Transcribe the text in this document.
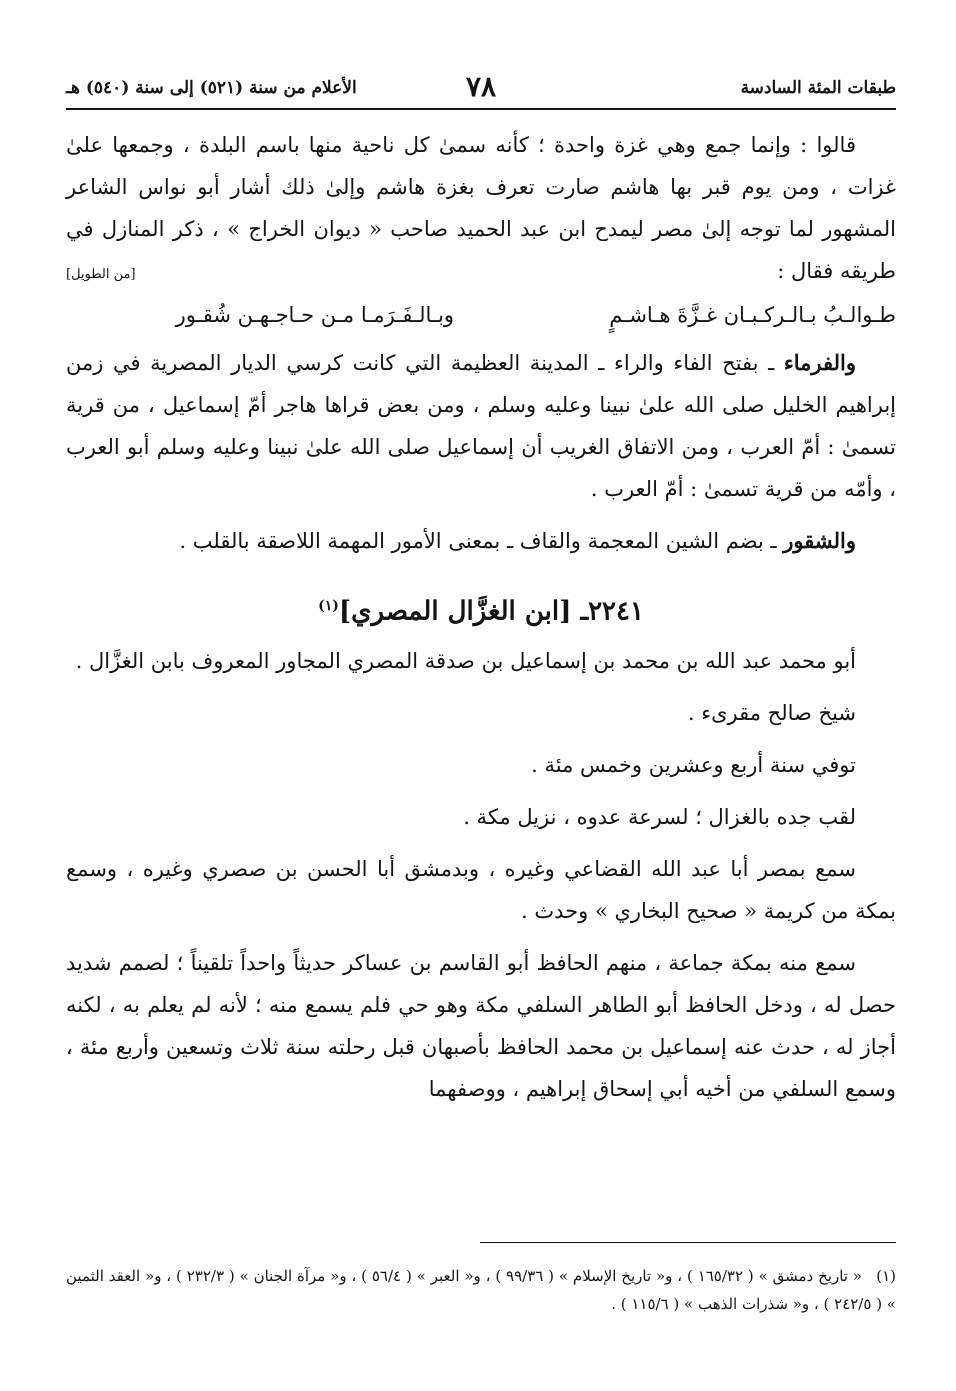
طبقات المئة السادسة
٧٨
الأعلام من سنة (٥٢١) إلى سنة (٥٤٠) هـ

قالوا : وإنما جمع وهي غزة واحدة ؛ كأنه سمىٰ كل ناحية منها باسم البلدة ، وجمعها علىٰ غزات ، ومن يوم قبر بها هاشم صارت تعرف بغزة هاشم وإلىٰ ذلك أشار أبو نواس الشاعر المشهور لما توجه إلىٰ مصر ليمدح ابن عبد الحميد صاحب « ديوان الخراج » ، ذكر المنازل في طريقه فقال :
[من الطويل]

طـوالـبُ بـالـركـبـان غـزَّةَ هـاشـمٍ
وبـالـفَـرَمـا مـن حـاجـهـن شُقـور

والفرماء ـ بفتح الفاء والراء ـ المدينة العظيمة التي كانت كرسي الديار المصرية في زمن إبراهيم الخليل صلى الله علىٰ نبينا وعليه وسلم ، ومن بعض قراها هاجر أمّ إسماعيل ، من قرية تسمىٰ : أمّ العرب ، ومن الاتفاق الغريب أن إسماعيل صلى الله علىٰ نبينا وعليه وسلم أبو العرب ، وأمّه من قرية تسمىٰ : أمّ العرب .

والشقور ـ بضم الشين المعجمة والقاف ـ بمعنى الأمور المهمة اللاصقة بالقلب .

٢٢٤١ـ [ابن الغزَّال المصري]$^{(١)}$

أبو محمد عبد الله بن محمد بن إسماعيل بن صدقة المصري المجاور المعروف بابن الغزَّال .

شيخ صالح مقرىء .

توفي سنة أربع وعشرين وخمس مئة .

لقب جده بالغزال ؛ لسرعة عدوه ، نزيل مكة .

سمع بمصر أبا عبد الله القضاعي وغيره ، وبدمشق أبا الحسن بن صصري وغيره ، وسمع بمكة من كريمة « صحيح البخاري » وحدث .

سمع منه بمكة جماعة ، منهم الحافظ أبو القاسم بن عساكر حديثاً واحداً تلقيناً ؛ لصمم شديد حصل له ، ودخل الحافظ أبو الطاهر السلفي مكة وهو حي فلم يسمع منه ؛ لأنه لم يعلم به ، لكنه أجاز له ، حدث عنه إسماعيل بن محمد الحافظ بأصبهان قبل رحلته سنة ثلاث وتسعين وأربع مئة ، وسمع السلفي من أخيه أبي إسحاق إبراهيم ، ووصفهما

(١)« تاريخ دمشق » ( ١٦٥/٣٢ ) ، و« تاريخ الإسلام » ( ٩٩/٣٦ ) ، و« العبر » ( ٥٦/٤ ) ، و« مرآة الجنان » ( ٢٣٢/٣ ) ، و« العقد الثمين » ( ٢٤٢/٥ ) ، و« شذرات الذهب » ( ١١٥/٦ ) .
